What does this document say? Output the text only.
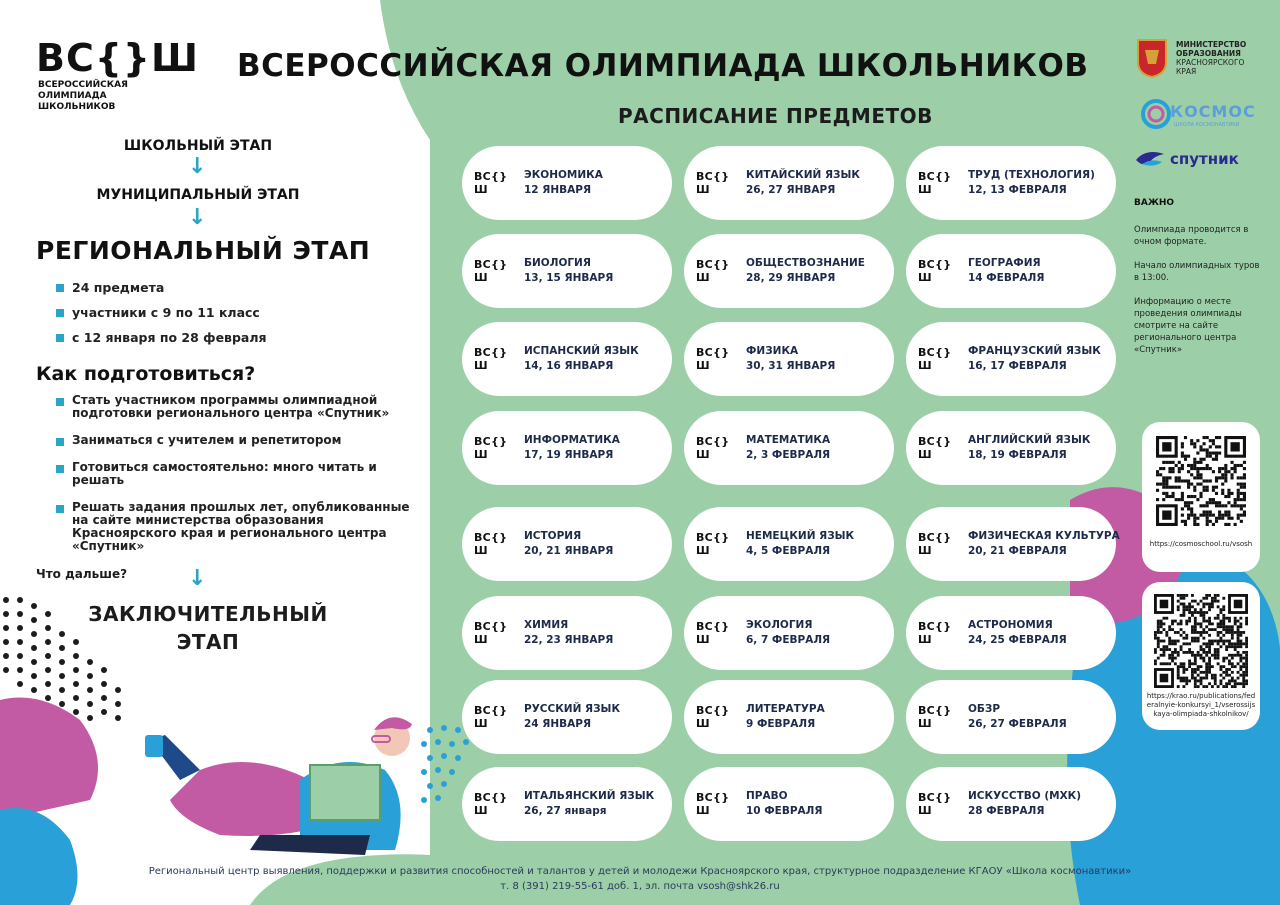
ВС{}Ш
ВСЕРОССИЙСКАЯ ОЛИМПИАДА ШКОЛЬНИКОВ
ВСЕРОССИЙСКАЯ ОЛИМПИАДА ШКОЛЬНИКОВ
РАСПИСАНИЕ ПРЕДМЕТОВ
ШКОЛЬНЫЙ ЭТАП
↓
МУНИЦИПАЛЬНЫЙ ЭТАП
↓
РЕГИОНАЛЬНЫЙ ЭТАП
24 предмета
участники с 9 по 11 класс
с 12 января по 28 февраля
Как подготовиться?
Стать участником программы олимпиадной подготовки регионального центра «Спутник»
Заниматься с учителем и репетитором
Готовиться самостоятельно: много читать и решать
Решать задания прошлых лет, опубликованные на сайте министерства образования Красноярского края и регионального центра «Спутник»
Что дальше?	↓
ЗАКЛЮЧИТЕЛЬНЫЙ ЭТАП
ВС{}Ш
ЭКОНОМИКА
12 ЯНВАРЯ
ВС{}Ш
КИТАЙСКИЙ ЯЗЫК
26, 27 ЯНВАРЯ
ВС{}Ш
ТРУД (ТЕХНОЛОГИЯ)
12, 13 ФЕВРАЛЯ
ВС{}Ш
БИОЛОГИЯ
13, 15 ЯНВАРЯ
ВС{}Ш
ОБЩЕСТВОЗНАНИЕ
28, 29 ЯНВАРЯ
ВС{}Ш
ГЕОГРАФИЯ
14 ФЕВРАЛЯ
ВС{}Ш
ИСПАНСКИЙ ЯЗЫК
14, 16 ЯНВАРЯ
ВС{}Ш
ФИЗИКА
30, 31 ЯНВАРЯ
ВС{}Ш
ФРАНЦУЗСКИЙ ЯЗЫК
16, 17 ФЕВРАЛЯ
ВС{}Ш
ИНФОРМАТИКА
17, 19 ЯНВАРЯ
ВС{}Ш
МАТЕМАТИКА
2, 3 ФЕВРАЛЯ
ВС{}Ш
АНГЛИЙСКИЙ ЯЗЫК
18, 19 ФЕВРАЛЯ
ВС{}Ш
ИСТОРИЯ
20, 21 ЯНВАРЯ
ВС{}Ш
НЕМЕЦКИЙ ЯЗЫК
4, 5 ФЕВРАЛЯ
ВС{}Ш
ФИЗИЧЕСКАЯ КУЛЬТУРА
20, 21 ФЕВРАЛЯ
ВС{}Ш
ХИМИЯ
22, 23 ЯНВАРЯ
ВС{}Ш
ЭКОЛОГИЯ
6, 7 ФЕВРАЛЯ
ВС{}Ш
АСТРОНОМИЯ
24, 25 ФЕВРАЛЯ
ВС{}Ш
РУССКИЙ ЯЗЫК
24 ЯНВАРЯ
ВС{}Ш
ЛИТЕРАТУРА
9 ФЕВРАЛЯ
ВС{}Ш
ОБЗР
26, 27 ФЕВРАЛЯ
ВС{}Ш
ИТАЛЬЯНСКИЙ ЯЗЫК
26, 27 января
ВС{}Ш
ПРАВО
10 ФЕВРАЛЯ
ВС{}Ш
ИСКУССТВО (МХК)
28 ФЕВРАЛЯ
МИНИСТЕРСТВО
ОБРАЗОВАНИЯ
КРАСНОЯРСКОГО
КРАЯ
КОСМОС
ШКОЛА КОСМОНАВТИКИ
спутник
ВАЖНО

Олимпиада проводится в очном формате.

Начало олимпиадных туров в 13:00.

Информацию о месте проведения олимпиады смотрите на сайте регионального центра «Спутник»

https://cosmoschool.ru/vsosh
https://krao.ru/publications/federalnyie-konkursyi_1/vserossijskaya-olimpiada-shkolnikov/
Региональный центр выявления, поддержки и развития способностей и талантов у детей и молодежи Красноярского края, структурное подразделение КГАОУ «Школа космонавтики»
т. 8 (391) 219-55-61 доб. 1, эл. почта vsosh@shk26.ru
